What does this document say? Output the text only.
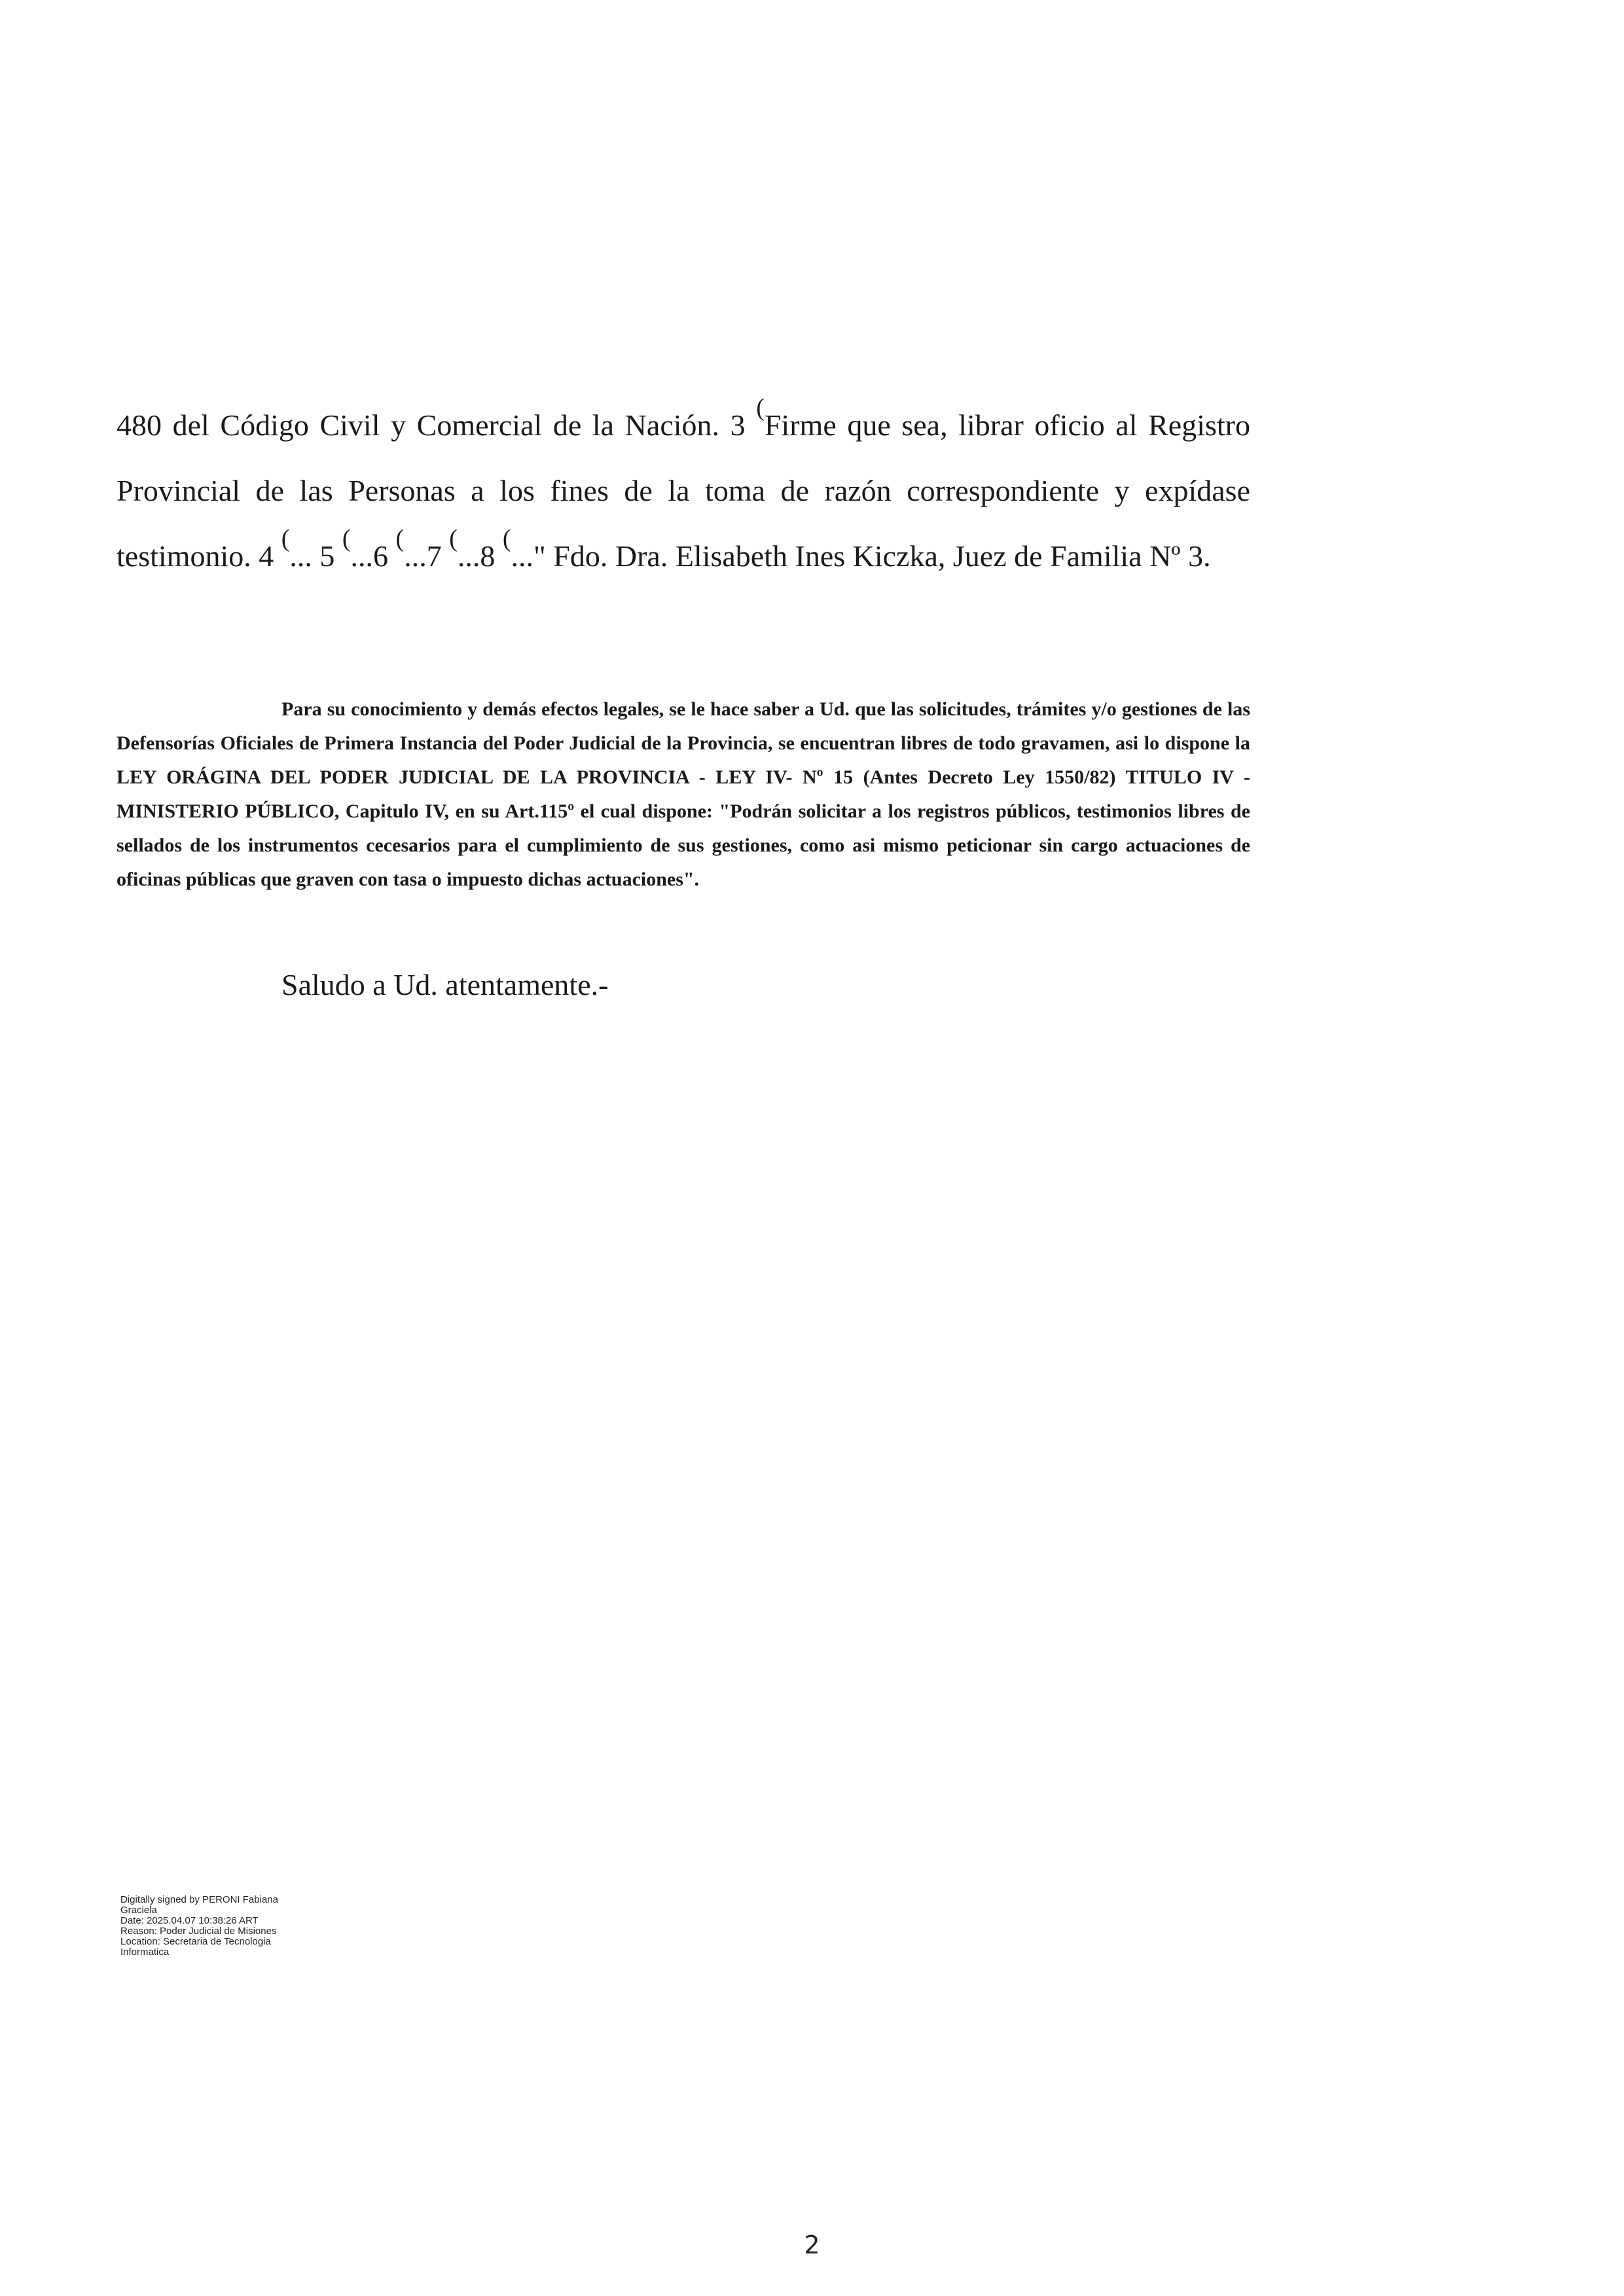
480 del Código Civil y Comercial de la Nación. 3 (Firme que sea, librar oficio al Registro Provincial de las Personas a los fines de la toma de razón correspondiente y expídase testimonio. 4 (... 5 (...6 (...7 (...8 (..." Fdo. Dra. Elisabeth Ines Kiczka, Juez de Familia Nº 3.

Para su conocimiento y demás efectos legales, se le hace saber a Ud. que las solicitudes, trámites y/o gestiones de las Defensorías Oficiales de Primera Instancia del Poder Judicial de la Provincia, se encuentran libres de todo gravamen, asi lo dispone la LEY ORÁGINA DEL PODER JUDICIAL DE LA PROVINCIA - LEY IV- Nº 15 (Antes Decreto Ley 1550/82) TITULO IV - MINISTERIO PÚBLICO, Capitulo IV, en su Art.115º el cual dispone: "Podrán solicitar a los registros públicos, testimonios libres de sellados de los instrumentos cecesarios para el cumplimiento de sus gestiones, como asi mismo peticionar sin cargo actuaciones de oficinas públicas que graven con tasa o impuesto dichas actuaciones".

Saludo a Ud. atentamente.-

Digitally signed by PERONI Fabiana
Graciela
Date: 2025.04.07 10:38:26 ART
Reason: Poder Judicial de Misiones
Location: Secretaria de Tecnologia
Informatica
2
